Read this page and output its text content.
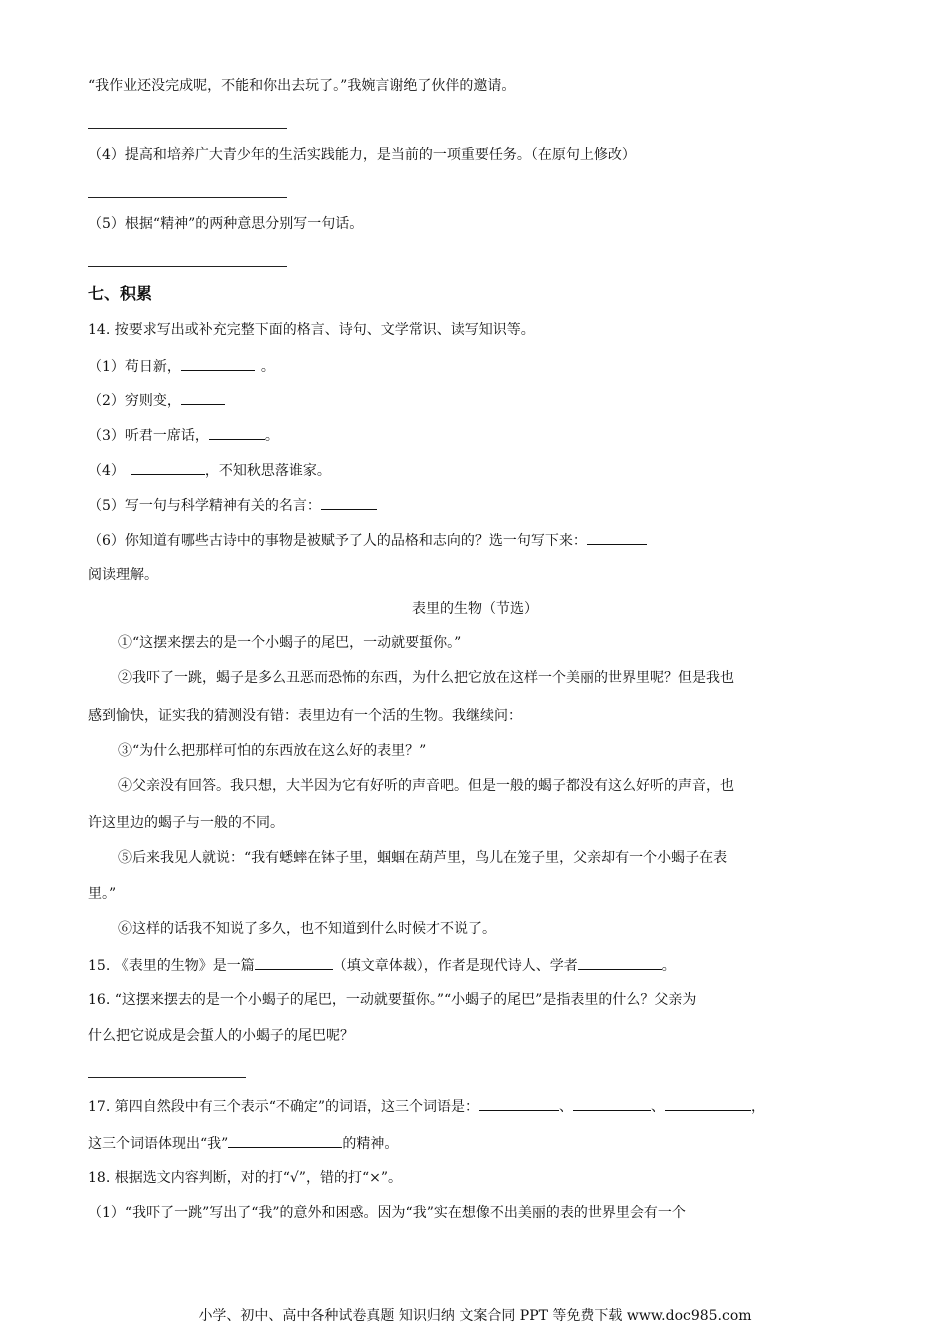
“我作业还没完成呢，不能和你出去玩了。”我婉言谢绝了伙伴的邀请。
（4）提高和培养广大青少年的生活实践能力，是当前的一项重要任务。（在原句上修改）
（5）根据“精神”的两种意思分别写一句话。
七、积累
14. 按要求写出或补充完整下面的格言、诗句、文学常识、读写知识等。
（1）苟日新，	。
（2）穷则变，
（3）听君一席话，	。
（4）	，不知秋思落谁家。
（5）写一句与科学精神有关的名言：
（6）你知道有哪些古诗中的事物是被赋予了人的品格和志向的？选一句写下来：
阅读理解。
表里的生物（节选）
①“这摆来摆去的是一个小蝎子的尾巴，一动就要蜇你。”
②我吓了一跳，蝎子是多么丑恶而恐怖的东西，为什么把它放在这样一个美丽的世界里呢？但是我也
感到愉快，证实我的猜测没有错：表里边有一个活的生物。我继续问：
③“为什么把那样可怕的东西放在这么好的表里？”
④父亲没有回答。我只想，大半因为它有好听的声音吧。但是一般的蝎子都没有这么好听的声音，也
许这里边的蝎子与一般的不同。
⑤后来我见人就说：“我有蟋蟀在钵子里，蝈蝈在葫芦里，鸟儿在笼子里，父亲却有一个小蝎子在表
里。”
⑥这样的话我不知说了多久，也不知道到什么时候才不说了。
15. 《表里的生物》是一篇	（填文章体裁），作者是现代诗人、学者	。
16. “这摆来摆去的是一个小蝎子的尾巴，一动就要蜇你。”“小蝎子的尾巴”是指表里的什么？父亲为
什么把它说成是会蜇人的小蝎子的尾巴呢？
17. 第四自然段中有三个表示“不确定”的词语，这三个词语是：	、	、	，
这三个词语体现出“我”	的精神。
18. 根据选文内容判断，对的打“√”，错的打“×”。
（1）“我吓了一跳”写出了“我”的意外和困惑。因为“我”实在想像不出美丽的表的世界里会有一个
小学、初中、高中各种试卷真题 知识归纳 文案合同 PPT 等免费下载 www.doc985.com
